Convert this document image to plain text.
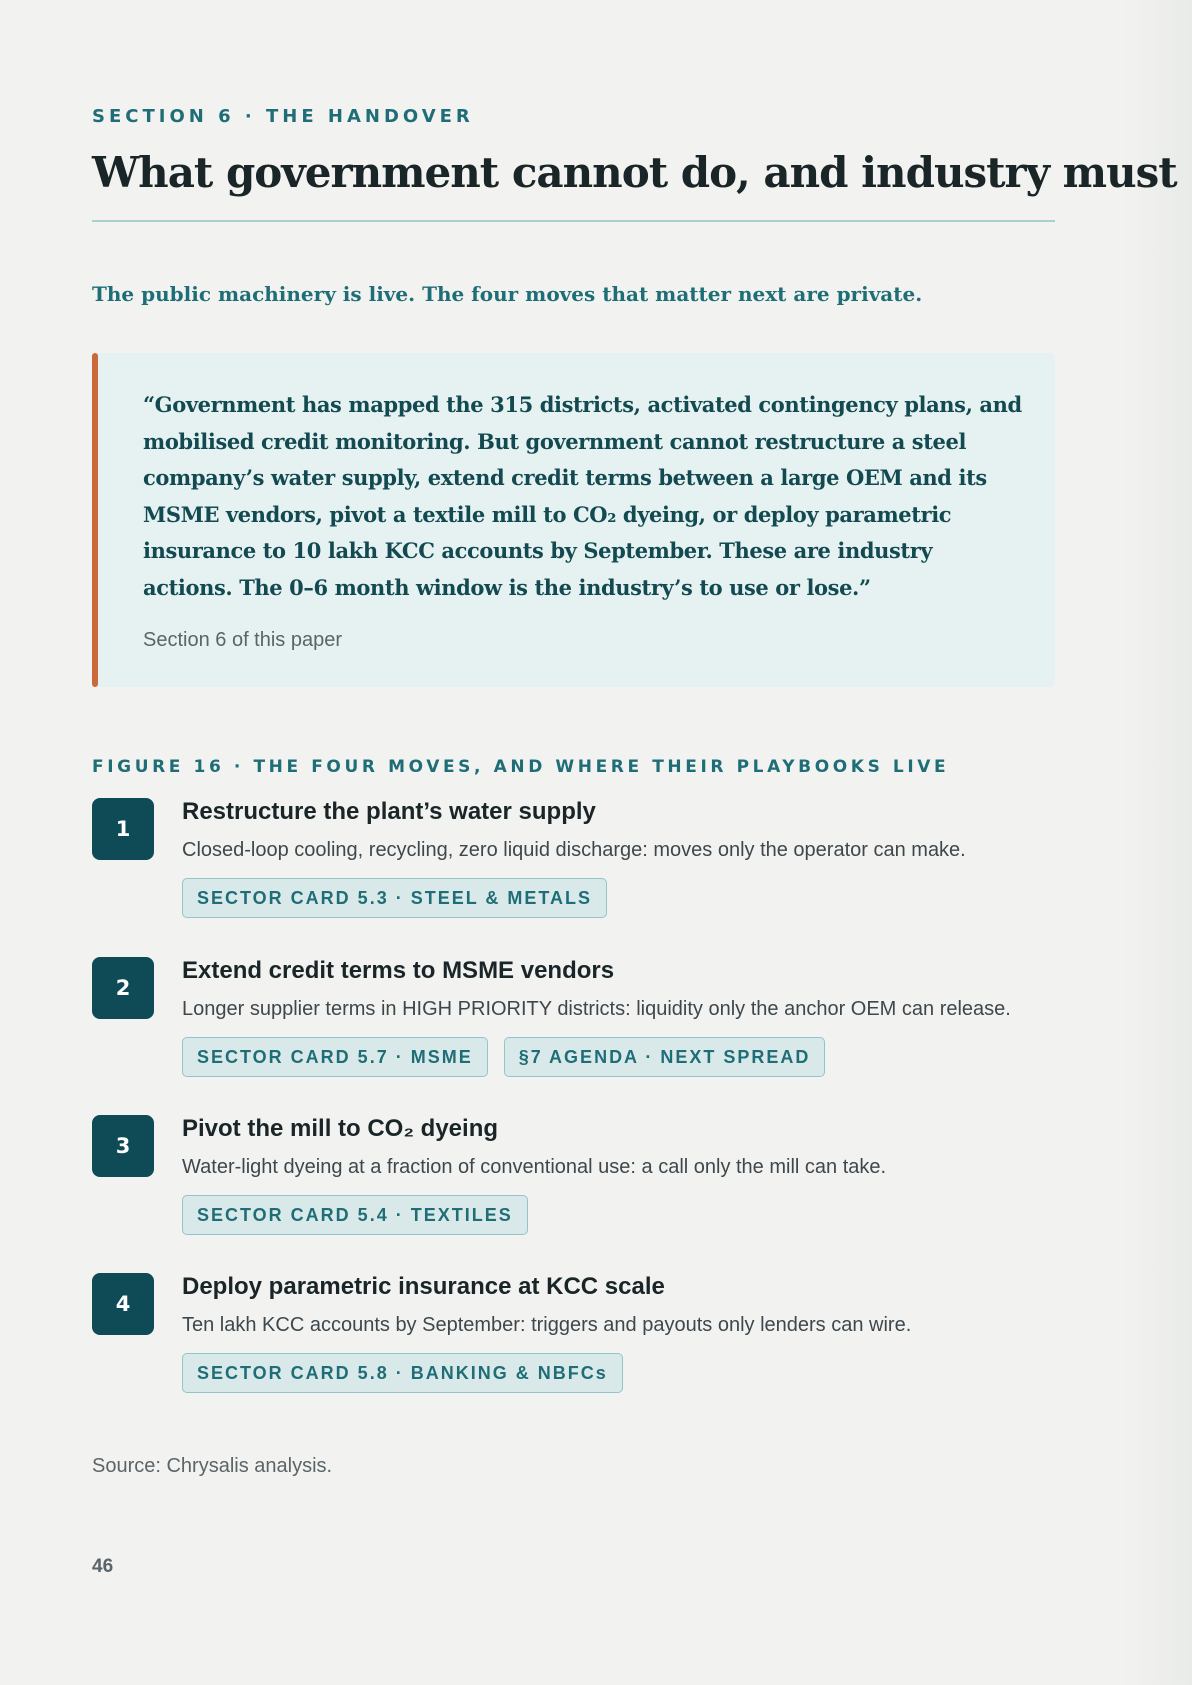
SECTION 6 · THE HANDOVER
What government cannot do, and industry must
The public machinery is live. The four moves that matter next are private.
“Government has mapped the 315 districts, activated contingency plans, and mobilised credit monitoring. But government cannot restructure a steel company’s water supply, extend credit terms between a large OEM and its MSME vendors, pivot a textile mill to CO₂ dyeing, or deploy parametric insurance to 10 lakh KCC accounts by September. These are industry actions. The 0–6 month window is the industry’s to use or lose.”
Section 6 of this paper
FIGURE 16 · THE FOUR MOVES, AND WHERE THEIR PLAYBOOKS LIVE
1
Restructure the plant’s water supply
Closed-loop cooling, recycling, zero liquid discharge: moves only the operator can make.
SECTOR CARD 5.3 · STEEL & METALS
2
Extend credit terms to MSME vendors
Longer supplier terms in HIGH PRIORITY districts: liquidity only the anchor OEM can release.
SECTOR CARD 5.7 · MSME	§7 AGENDA · NEXT SPREAD
3
Pivot the mill to CO₂ dyeing
Water-light dyeing at a fraction of conventional use: a call only the mill can take.
SECTOR CARD 5.4 · TEXTILES
4
Deploy parametric insurance at KCC scale
Ten lakh KCC accounts by September: triggers and payouts only lenders can wire.
SECTOR CARD 5.8 · BANKING & NBFCs
Source: Chrysalis analysis.
46
